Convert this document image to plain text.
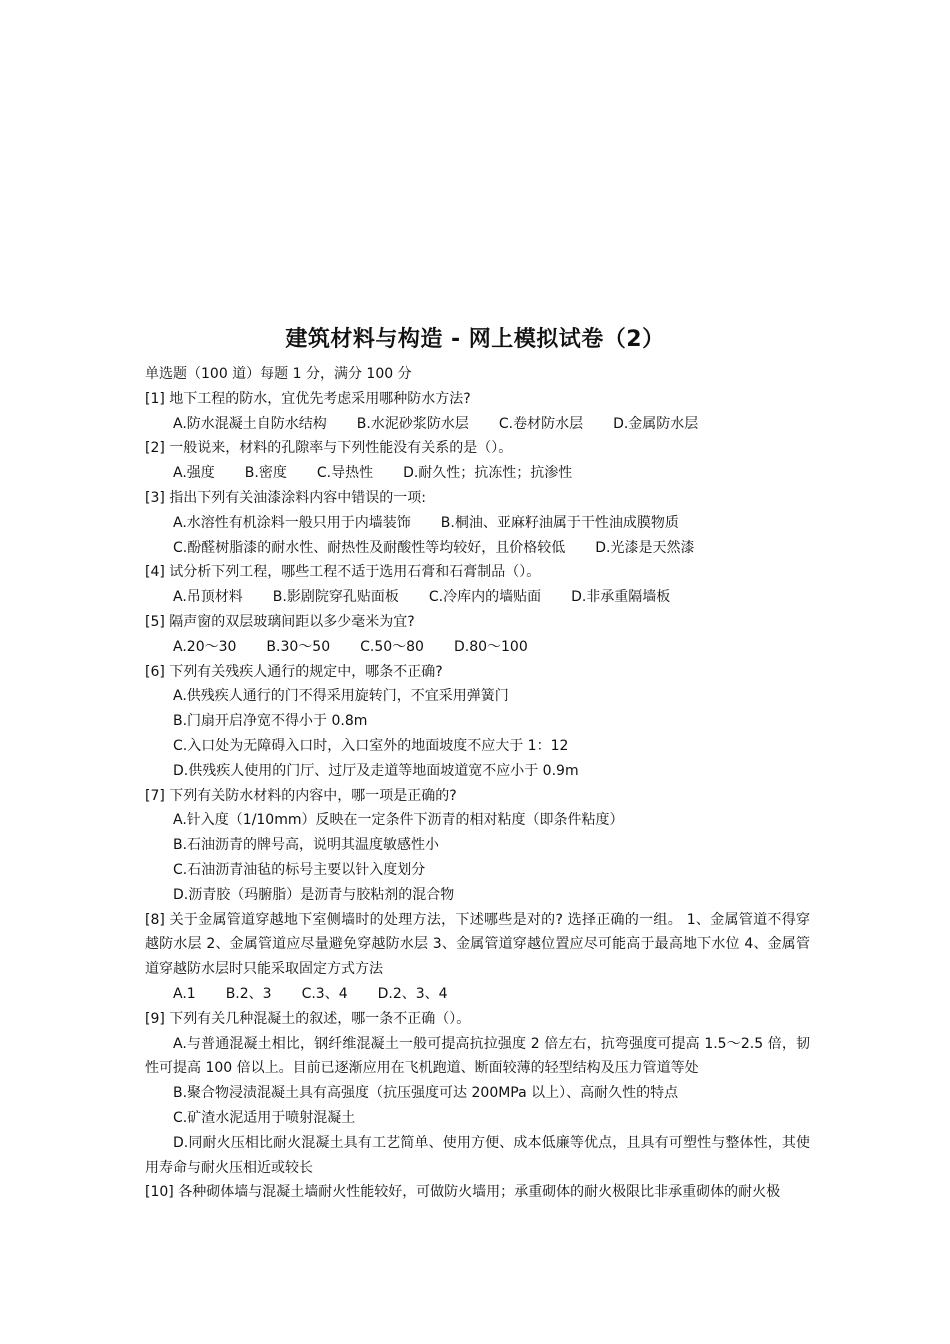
建筑材料与构造 - 网上模拟试卷（2）
单选题（100 道）每题 1 分，满分 100 分
[1] 地下工程的防水，宜优先考虑采用哪种防水方法?
A.防水混凝土自防水结构 B.水泥砂浆防水层 C.卷材防水层 D.金属防水层
[2] 一般说来，材料的孔隙率与下列性能没有关系的是（）。
A.强度 B.密度 C.导热性 D.耐久性；抗冻性；抗渗性
[3] 指出下列有关油漆涂料内容中错误的一项:
A.水溶性有机涂料一般只用于内墙装饰 B.桐油、亚麻籽油属于干性油成膜物质
C.酚醛树脂漆的耐水性、耐热性及耐酸性等均较好，且价格较低 D.光漆是天然漆
[4] 试分析下列工程，哪些工程不适于选用石膏和石膏制品（）。
A.吊顶材料 B.影剧院穿孔贴面板 C.冷库内的墙贴面 D.非承重隔墙板
[5] 隔声窗的双层玻璃间距以多少毫米为宜?
A.20～30 B.30～50 C.50～80 D.80～100
[6] 下列有关残疾人通行的规定中，哪条不正确?
A.供残疾人通行的门不得采用旋转门，不宜采用弹簧门
B.门扇开启净宽不得小于 0.8m
C.入口处为无障碍入口时，入口室外的地面坡度不应大于 1：12
D.供残疾人使用的门厅、过厅及走道等地面坡道宽不应小于 0.9m
[7] 下列有关防水材料的内容中，哪一项是正确的?
A.针入度（1/10mm）反映在一定条件下沥青的相对粘度（即条件粘度）
B.石油沥青的牌号高，说明其温度敏感性小
C.石油沥青油毡的标号主要以针入度划分
D.沥青胶（玛腑脂）是沥青与胶粘剂的混合物
[8] 关于金属管道穿越地下室侧墙时的处理方法，下述哪些是对的? 选择正确的一组。 1、金属管道不得穿越防水层 2、金属管道应尽量避免穿越防水层 3、金属管道穿越位置应尽可能高于最高地下水位 4、金属管道穿越防水层时只能采取固定方式方法
A.1 B.2、3 C.3、4 D.2、3、4
[9] 下列有关几种混凝土的叙述，哪一条不正确（）。
A.与普通混凝土相比，钢纤维混凝土一般可提高抗拉强度 2 倍左右，抗弯强度可提高 1.5～2.5 倍，韧性可提高 100 倍以上。目前已逐渐应用在飞机跑道、断面较薄的轻型结构及压力管道等处
B.聚合物浸渍混凝土具有高强度（抗压强度可达 200MPa 以上）、高耐久性的特点
C.矿渣水泥适用于喷射混凝土
D.同耐火压相比耐火混凝土具有工艺简单、使用方便、成本低廉等优点，且具有可塑性与整体性，其使用寿命与耐火压相近或较长
[10] 各种砌体墙与混凝土墙耐火性能较好，可做防火墙用；承重砌体的耐火极限比非承重砌体的耐火极
